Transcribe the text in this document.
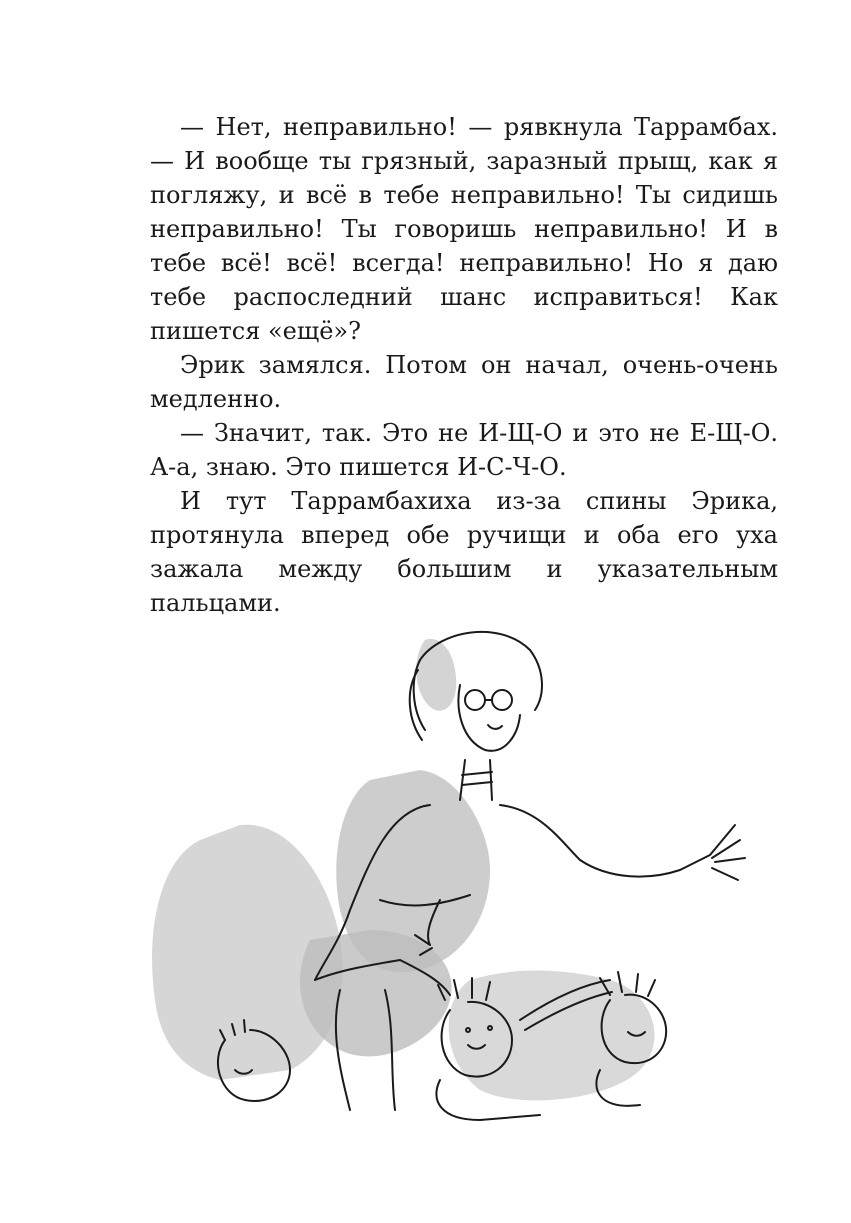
— Нет, неправильно! — рявкнула Таррамбах. — И вообще ты грязный, заразный прыщ, как я погляжу, и всё в тебе неправильно! Ты сидишь неправильно! Ты говоришь неправильно! И в тебе всё! всё! всегда! неправильно! Но я даю тебе распоследний шанс исправиться! Как пишется «ещё»?

Эрик замялся. Потом он начал, очень-очень медленно.

— Значит, так. Это не И-Щ-О и это не Е-Щ-О. А-а, знаю. Это пишется И-С-Ч-О.

И тут Таррамбахиха из-за спины Эрика, протянула вперед обе ручищи и оба его уха зажала между большим и указательным пальцами.
